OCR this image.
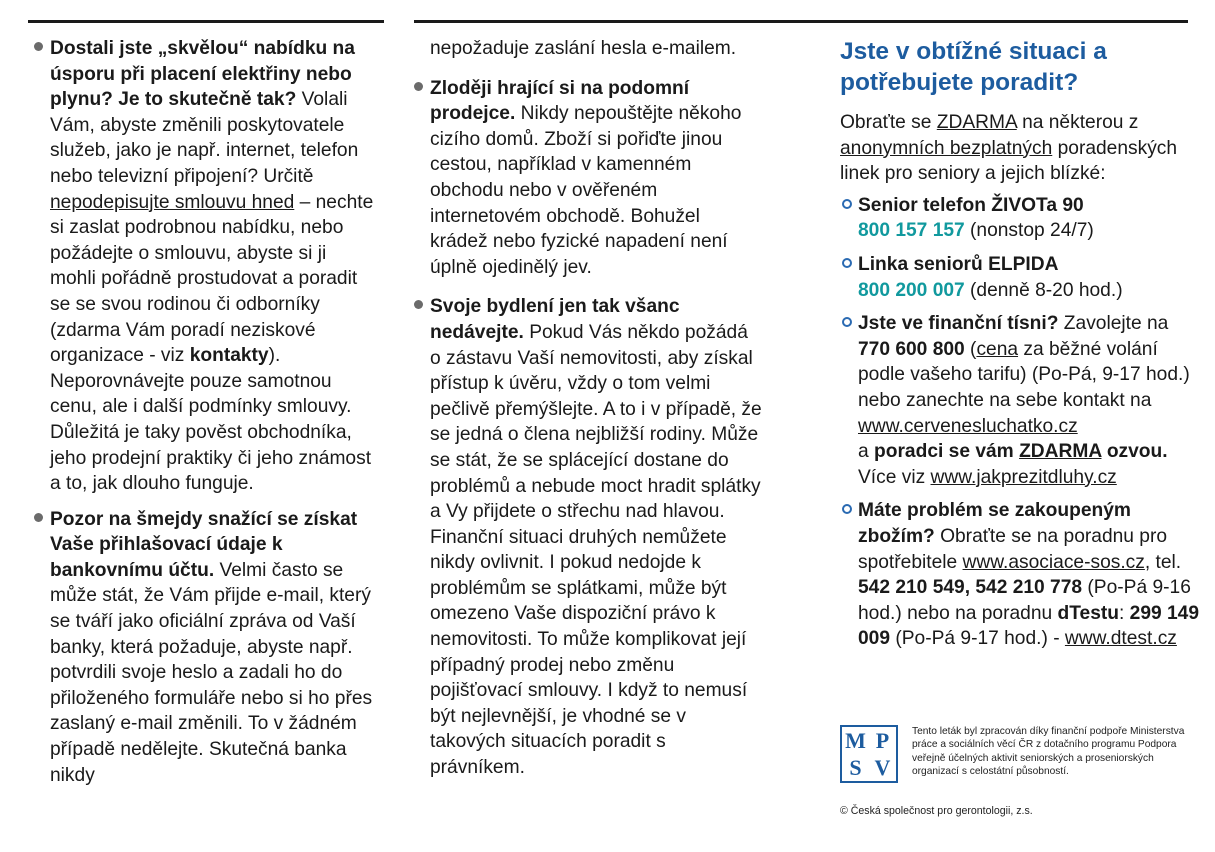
Dostali jste „skvělou“ nabídku na úsporu při placení elektřiny nebo plynu? Je to skutečně tak? Volali Vám, abyste změnili poskytovatele služeb, jako je např. internet, telefon nebo televizní připojení? Určitě nepodepisujte smlouvu hned – nechte si zaslat podrobnou nabídku, nebo požádejte o smlouvu, abyste si ji mohli pořádně prostudovat a poradit se se svou rodinou či odborníky (zdarma Vám poradí neziskové organizace - viz kontakty). Neporovnávejte pouze samotnou cenu, ale i další podmínky smlouvy. Důležitá je taky pověst obchodníka, jeho prodejní praktiky či jeho známost a to, jak dlouho funguje.
Pozor na šmejdy snažící se získat Vaše přihlašovací údaje k bankovnímu účtu. Velmi často se může stát, že Vám přijde e-mail, který se tváří jako oficiální zpráva od Vaší banky, která požaduje, abyste např. potvrdili svoje heslo a zadali ho do přiloženého formuláře nebo si ho přes zaslaný e-mail změnili. To v žádném případě nedělejte. Skutečná banka nikdy

nepožaduje zaslání hesla e-mailem.

Zloději hrající si na podomní prodejce. Nikdy nepouštějte někoho cizího domů. Zboží si pořiďte jinou cestou, například v kamenném obchodu nebo v ověřeném internetovém obchodě. Bohužel krádež nebo fyzické napadení není úplně ojedinělý jev.
Svoje bydlení jen tak všanc nedávejte. Pokud Vás někdo požádá o zástavu Vaší nemovitosti, aby získal přístup k úvěru, vždy o tom velmi pečlivě přemýšlejte. A to i v případě, že se jedná o člena nejbližší rodiny. Může se stát, že se splácející dostane do problémů a nebude moct hradit splátky a Vy přijdete o střechu nad hlavou. Finanční situaci druhých nemůžete nikdy ovlivnit. I pokud nedojde k problémům se splátkami, může být omezeno Vaše dispoziční právo k nemovitosti. To může komplikovat její případný prodej nebo změnu pojišťovací smlouvy. I když to nemusí být nejlevnější, je vhodné se v takových situacích poradit s právníkem.
Jste v obtížné situaci a potřebujete poradit?

Obraťte se ZDARMA na některou z anonymních bezplatných poradenských linek pro seniory a jejich blízké:

Senior telefon ŽIVOTa 90
800 157 157 (nonstop 24/7)
Linka seniorů ELPIDA
800 200 007 (denně 8-20 hod.)
Jste ve finanční tísni? Zavolejte na 770 600 800 (cena za běžné volání podle vašeho tarifu) (Po-Pá, 9-17 hod.) nebo zanechte na sebe kontakt na www.cervenesluchatko.cz
a poradci se vám ZDARMA ozvou.
Více viz www.jakprezitdluhy.cz
Máte problém se zakoupeným zbožím? Obraťte se na poradnu pro spotřebitele www.asociace-sos.cz, tel. 542 210 549, 542 210 778 (Po-Pá 9-16 hod.) nebo na poradnu dTestu: 299 149 009 (Po-Pá 9-17 hod.) - www.dtest.cz
M P
S V
Tento leták byl zpracován díky finanční podpoře Ministerstva práce a sociálních věcí ČR z dotačního programu Podpora veřejně účelných aktivit seniorských a proseniorských organizací s celostátní působností.
© Česká společnost pro gerontologii, z.s.
